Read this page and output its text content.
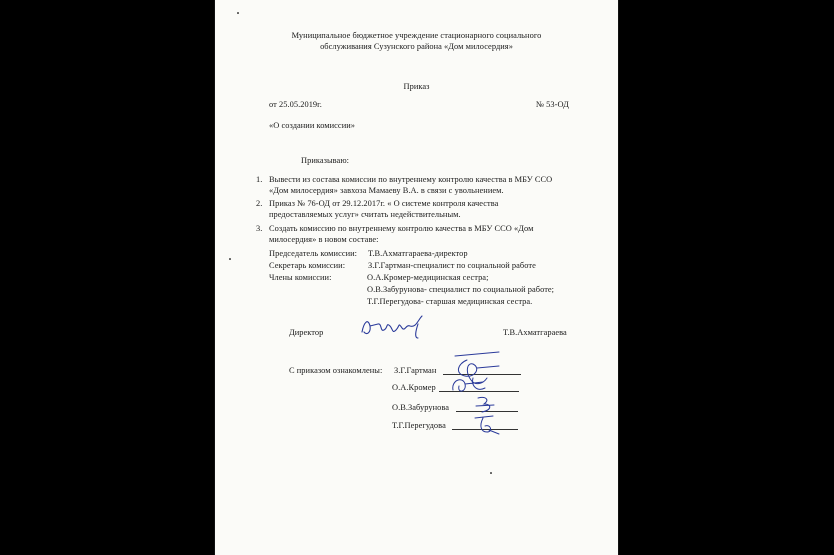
Муниципальное бюджетное учреждение стационарного социального
обслуживания Сузунского района «Дом милосердия»
Приказ
от 25.05.2019г.	№ 53-ОД
«О создании комиссии»
Приказываю:
1. Вывести из состава комиссии по внутреннему контролю качества в МБУ ССО
«Дом милосердия» завхоза Мамаеву В.А. в связи с увольнением.
2. Приказ № 76-ОД от 29.12.2017г. « О системе контроля качества
предоставляемых услуг» считать недействительным.
3. Создать комиссию по внутреннему контролю качества в МБУ ССО «Дом
милосердия» в новом составе:
Председатель комиссии: Т.В.Ахматгараева-директор
Секретарь комиссии:	З.Г.Гартман-специалист по социальной работе
Члены комиссии:	О.А.Кромер-медицинская сестра;
О.В.Забурунова- специалист по социальной работе;
Т.Г.Перегудова- старшая медицинская сестра.
Директор	Т.В.Ахматгараева
С приказом ознакомлены: З.Г.Гартман
О.А.Кромер
О.В.Забурунова
Т.Г.Перегудова
